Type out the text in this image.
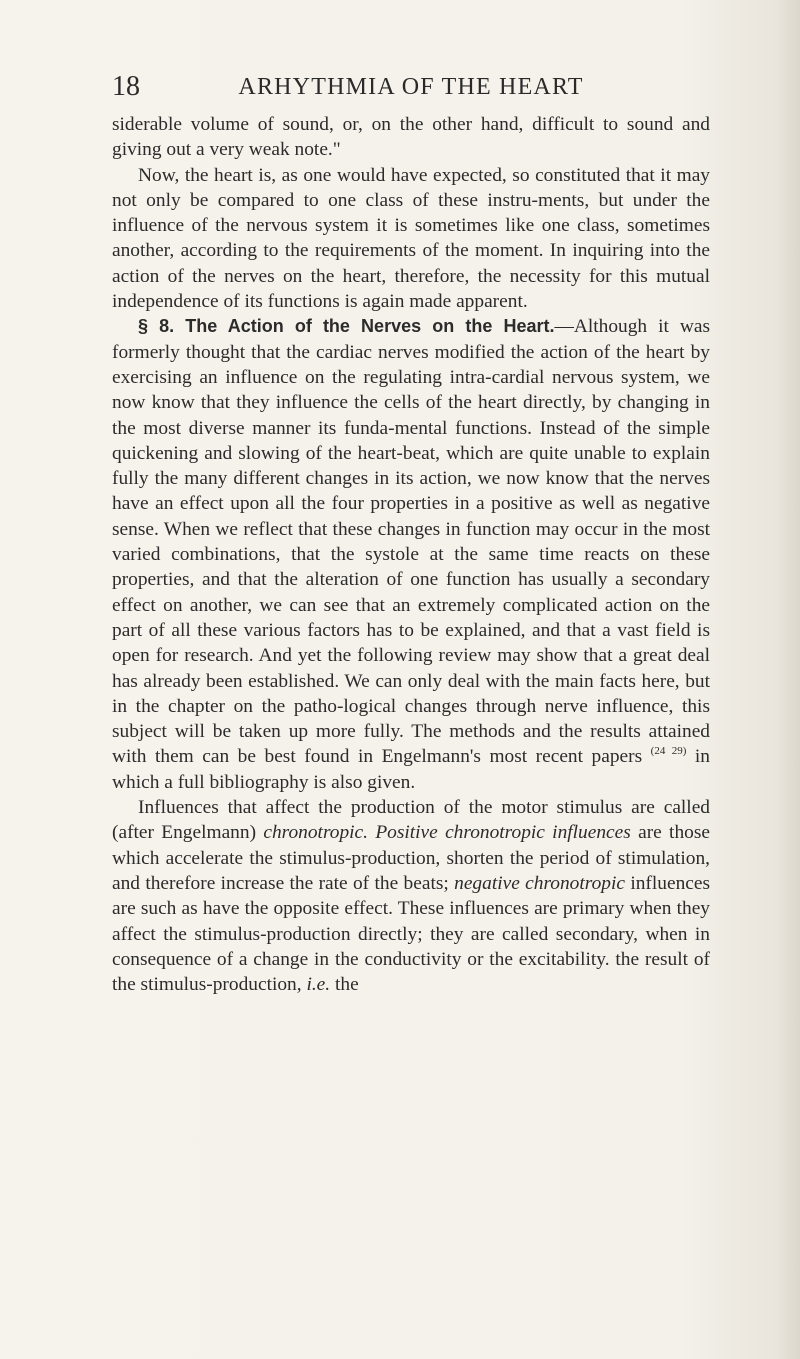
18	ARHYTHMIA OF THE HEART

siderable volume of sound, or, on the other hand, difficult to sound and giving out a very weak note."

Now, the heart is, as one would have expected, so constituted that it may not only be compared to one class of these instru-ments, but under the influence of the nervous system it is sometimes like one class, sometimes another, according to the requirements of the moment. In inquiring into the action of the nerves on the heart, therefore, the necessity for this mutual independence of its functions is again made apparent.

§ 8. The Action of the Nerves on the Heart.—Although it was formerly thought that the cardiac nerves modified the action of the heart by exercising an influence on the regulating intra-cardial nervous system, we now know that they influence the cells of the heart directly, by changing in the most diverse manner its funda-mental functions. Instead of the simple quickening and slowing of the heart-beat, which are quite unable to explain fully the many different changes in its action, we now know that the nerves have an effect upon all the four properties in a positive as well as negative sense. When we reflect that these changes in function may occur in the most varied combinations, that the systole at the same time reacts on these properties, and that the alteration of one function has usually a secondary effect on another, we can see that an extremely complicated action on the part of all these various factors has to be explained, and that a vast field is open for research. And yet the following review may show that a great deal has already been established. We can only deal with the main facts here, but in the chapter on the patho-logical changes through nerve influence, this subject will be taken up more fully. The methods and the results attained with them can be best found in Engelmann's most recent papers $^{(24 29)}$ in which a full bibliography is also given.

Influences that affect the production of the motor stimulus are called (after Engelmann) chronotropic. Positive chronotropic influences are those which accelerate the stimulus-production, shorten the period of stimulation, and therefore increase the rate of the beats; negative chronotropic influences are such as have the opposite effect. These influences are primary when they affect the stimulus-production directly; they are called secondary, when in consequence of a change in the conductivity or the excitability. the result of the stimulus-production, i.e. the
